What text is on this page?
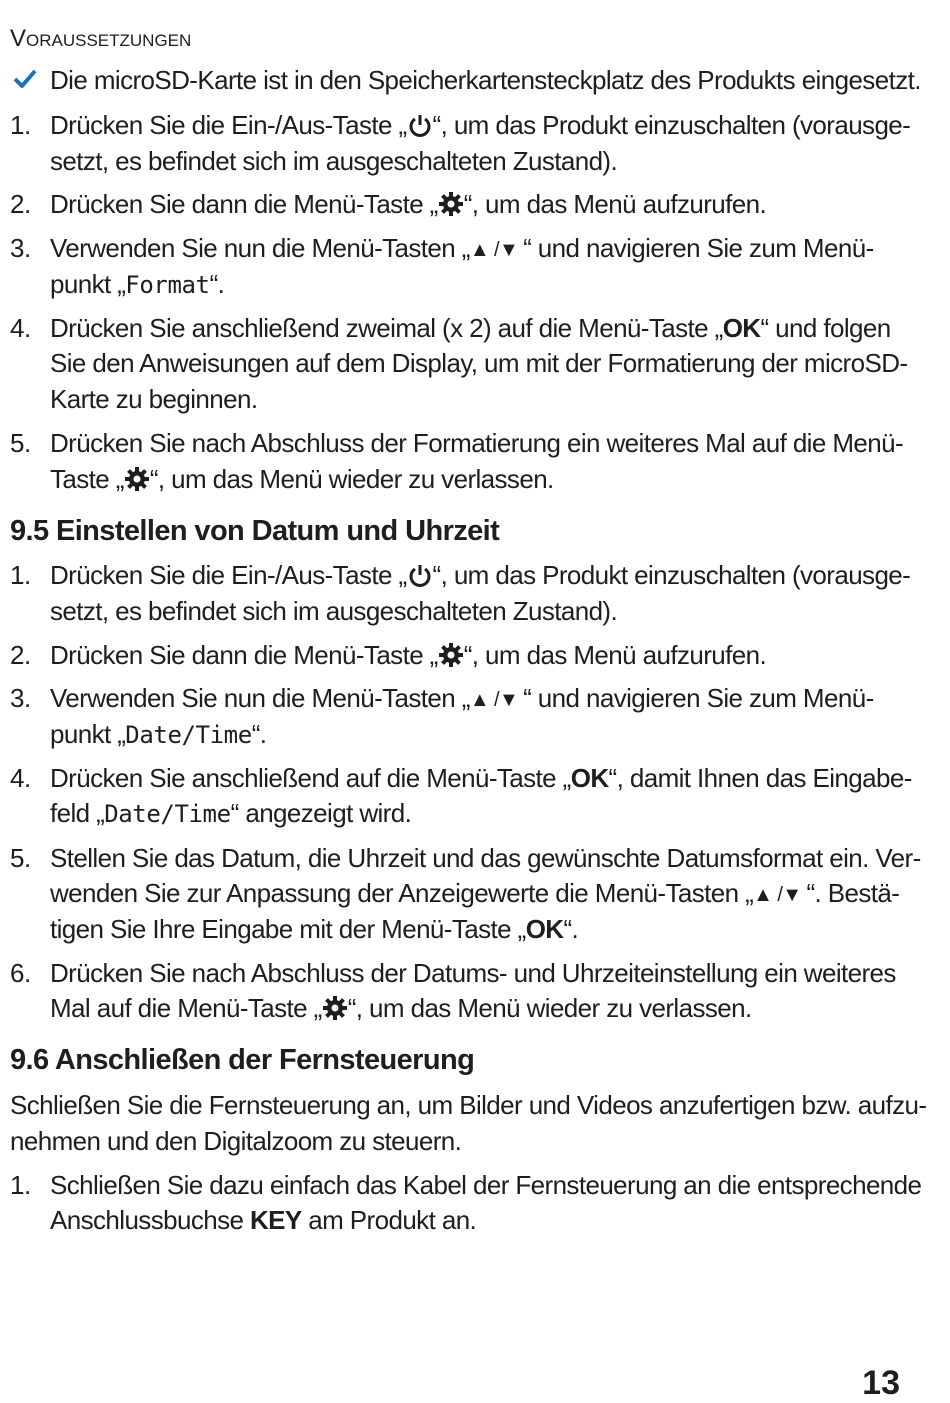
Voraussetzungen
Die microSD-Karte ist in den Speicherkartensteckplatz des Produkts eingesetzt.
1. Drücken Sie die Ein-/Aus-Taste „ “, um das Produkt einzuschalten (vorausge-
setzt, es befindet sich im ausgeschalteten Zustand).
2. Drücken Sie dann die Menü-Taste „ “, um das Menü aufzurufen.
3. Verwenden Sie nun die Menü-Tasten „▲ /▼ “ und navigieren Sie zum Menü-
punkt „Format“.
4. Drücken Sie anschließend zweimal (x 2) auf die Menü-Taste „OK“ und folgen
Sie den Anweisungen auf dem Display, um mit der Formatierung der microSD-
Karte zu beginnen.
5. Drücken Sie nach Abschluss der Formatierung ein weiteres Mal auf die Menü-
Taste „ “, um das Menü wieder zu verlassen.
9.5 Einstellen von Datum und Uhrzeit
1. Drücken Sie die Ein-/Aus-Taste „ “, um das Produkt einzuschalten (vorausge-
setzt, es befindet sich im ausgeschalteten Zustand).
2. Drücken Sie dann die Menü-Taste „ “, um das Menü aufzurufen.
3. Verwenden Sie nun die Menü-Tasten „▲ /▼ “ und navigieren Sie zum Menü-
punkt „Date/Time“.
4. Drücken Sie anschließend auf die Menü-Taste „OK“, damit Ihnen das Eingabe-
feld „Date/Time“ angezeigt wird.
5. Stellen Sie das Datum, die Uhrzeit und das gewünschte Datumsformat ein. Ver-
wenden Sie zur Anpassung der Anzeigewerte die Menü-Tasten „▲ /▼ “. Bestä-
tigen Sie Ihre Eingabe mit der Menü-Taste „OK“.
6. Drücken Sie nach Abschluss der Datums- und Uhrzeiteinstellung ein weiteres
Mal auf die Menü-Taste „ “, um das Menü wieder zu verlassen.
9.6 Anschließen der Fernsteuerung
Schließen Sie die Fernsteuerung an, um Bilder und Videos anzufertigen bzw. aufzu-
nehmen und den Digitalzoom zu steuern.
1. Schließen Sie dazu einfach das Kabel der Fernsteuerung an die entsprechende
Anschlussbuchse KEY am Produkt an.
13
